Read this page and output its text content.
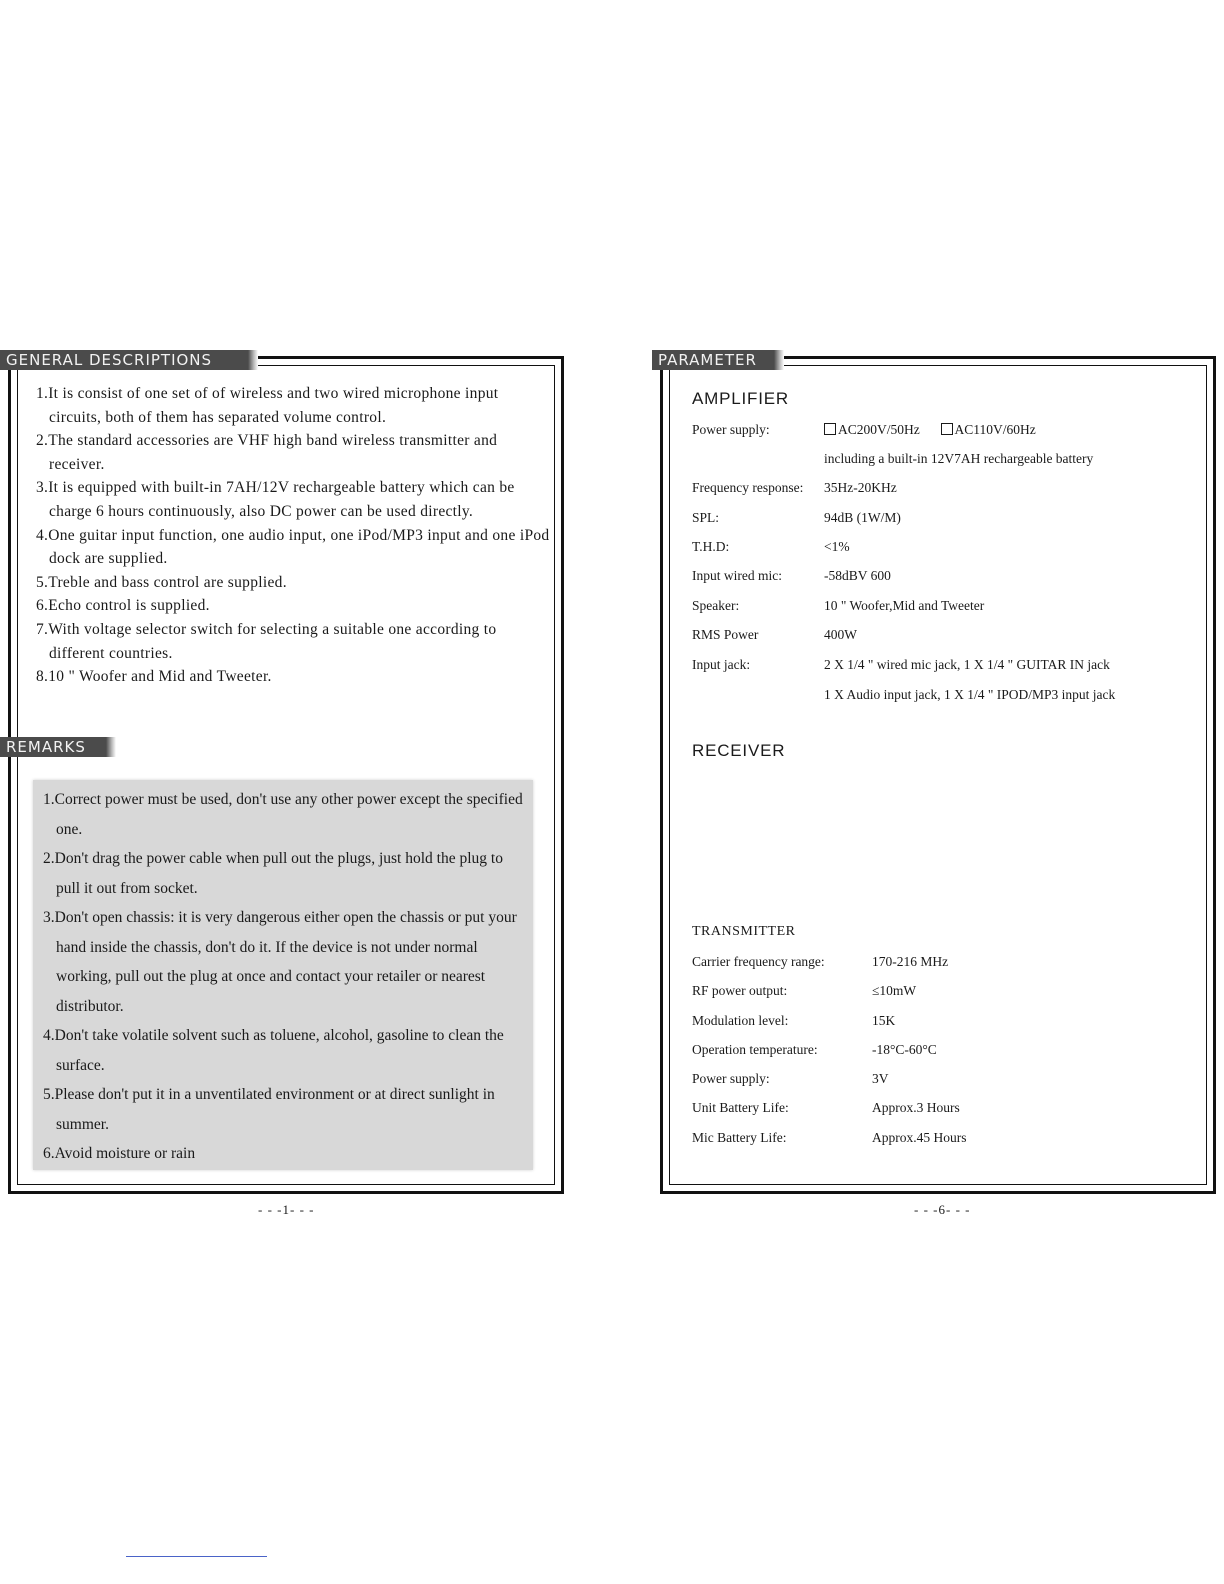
GENERAL DESCRIPTIONS
1.It is consist of one set of of wireless and two wired microphone input circuits, both of them has separated volume control.
2.The standard accessories are VHF high band wireless transmitter and receiver.
3.It is equipped with built-in 7AH/12V rechargeable battery which can be charge 6 hours continuously, also DC power can be used directly.
4.One guitar input function, one audio input, one iPod/MP3 input and one iPod dock are supplied.
5.Treble and bass control are supplied.
6.Echo control is supplied.
7.With voltage selector switch for selecting a suitable one according to different countries.
8.10 " Woofer and Mid and Tweeter.
REMARKS
1.Correct power must be used, don't use any other power except the specified one.
2.Don't drag the power cable when pull out the plugs, just hold the plug to pull it out from socket.
3.Don't open chassis: it is very dangerous either open the chassis or put your hand inside the chassis, don't do it. If the device is not under normal working, pull out the plug at once and contact your retailer or nearest distributor.
4.Don't take volatile solvent such as toluene, alcohol, gasoline to clean the surface.
5.Please don't put it in a unventilated environment or at direct sunlight in summer.
6.Avoid moisture or rain
- - -1- - -
PARAMETER
AMPLIFIER
Power supply:	AC200V/50Hz	AC110V/60Hz
including a built-in 12V7AH rechargeable battery
Frequency response: 35Hz-20KHz
SPL:	94dB (1W/M)
T.H.D:	<1%
Input wired mic:	-58dBV 600
Speaker:	10 " Woofer,Mid and Tweeter
RMS Power	400W
Input jack:	2 X 1/4 " wired mic jack, 1 X 1/4 " GUITAR IN jack
1 X Audio input jack, 1 X 1/4 " IPOD/MP3 input jack
RECEIVER
TRANSMITTER
Carrier frequency range:	170-216 MHz
RF power output:	≤10mW
Modulation level:	15K
Operation temperature:	-18°C-60°C
Power supply:	3V
Unit Battery Life:	Approx.3 Hours
Mic Battery Life:	Approx.45 Hours
- - -6- - -
